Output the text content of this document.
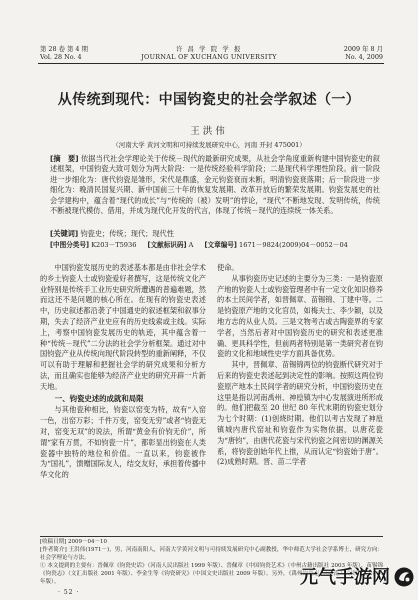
第 28 卷 第 4 期
Vol. 28 No. 4
许 昌 学 院 学 报
JOURNAL OF XUCHANG UNIVERSITY
2009 年 8 月
No. 4, 2009
从传统到现代：中国钧瓷史的社会学叙述（一）
王洪伟
（河南大学 黄河文明和可持续发展研究中心，河南 开封 475001）

[摘　要] 依据当代社会学理论关于传统－现代的最新研究成果，从社会学角度重新构建中国钧瓷史的叙述框架，中国钧瓷大致可划分为两大阶段：一是传统经验科学阶段；二是现代科学理性阶段。前一阶段进一步细化为：唐代钧瓷是雏形，宋代是鼎盛，金元钧瓷衰而未断，明清钧瓷衰落期；后一阶段进一步细化为：晚清民国复兴期、新中国前三十年的恢复发展期、改革开放后的繁荣发展期。钧瓷发展史的社会学建构中，蕴含着“现代的成长”与“传统的（被）发明”的悖论，“现代”不断地发现、发明传统，传统不断被现代模仿、借用，并成为现代化开发的代言，体现了传统－现代的连续统一体关系。

[关键词] 钧瓷史；传统；现代；现代性

[中图分类号] K203－T5936 [文献标识码] A [文章编号] 1671－9824(2009)04－0052－04

中国钧瓷发展历史的表述基本都是由非社会学术的乡土钧瓷人士或钧瓷爱好者撰写，这是传统文化产业特别是传统手工业历史研究所遭遇的普遍难题，然而这还不是问题的核心所在。在现有的钧瓷史表述中，历史叙述都沿袭了中国通史的叙述框架和叙事分期，失去了经济产业史应有的历史线索或主线。实际上，考察中国钧瓷发展历史的轨迹，其中蕴含着一种“传统－现代”二分法的社会学分析框架。通过对中国钧瓷产业从传统向现代阶段转型的重新阐释，不仅可以有助于理解和把握社会学的研究成果和分析方法，而且确实也能够为经济产业史的研究开辟一片新天地。

一、钧瓷史述的成就和局限

与其他瓷种相比，钧瓷以窑变为特，故有“入窑一色，出窑万彩；千件万变，窑变无穷”或者“钧瓷无对，窑变无双”的说法，所谓“黄金有价钧无价”，所谓“家有万贯，不如钧瓷一片”，都彰显出钧瓷在人类瓷器中独特的地位和价值。一直以来，钧瓷被作为“国礼”，馈赠国际友人，结交友好，承担着传播中华文化的

使命。

从事钧瓷历史记述的主要分为三类：一是钧瓷原产地的钧瓷人士或钧瓷管理者中有一定文化知识修养的本土民间学者，如晋佩章、苗锡锦、丁建中等。二是钧瓷原产地的文化官员，如梅夫士、李少颖，以及地方志的从业人员。三是文物考古或古陶瓷界的专家学者，当然后者对中国钧瓷历史的研究和表述更准确、更具科学性，但前两者特别是第一类研究者在钧瓷的文化和地域性史学方面具备优势。

其中，晋佩章、苗锡锦两位的钧瓷断代研究对于后来的钧瓷史表述起到决定性的影响。按照这两位钧瓷原产地本土民间学者的研究分析，中国钧瓷历史在这里是指以河南禹州、神垕镇为中心发展演进所形成的。他们把截至 20 世纪 80 年代末期的钧瓷史划分为七个时期：(1)创烧时期。他们以考古发现了神垕镇城内唐代窑址和钧瓷作为实物依据，以唐花瓷为“唐钧”，由唐代花瓷与宋代钧瓷之间密切的渊源关系，将钧瓷创始年代上推，从而认定“钧瓷始于唐”。(2)成熟时期。晋、苗二学者

[收稿日期] 2009－04－10

[作者简介] 王洪伟(1971－)，男，河南南阳人，河南大学黄河文明与可持续发展研究中心副教授，华中师范大学社会学系博士，研究方向：社会学理论与方法。

① 本文提到的主要有：晋佩章《钧瓷史话》（河南人民出版社 1999 年版）、晋佩章《中国钧瓷艺术》（中州古籍出版社 2003 年版）、苗锡锦《钧瓷志》（文汇出版社 2001 年版）、李金生等《钧瓷研究》（中国文史出版社 2009 年版）。另外，《禹州钧瓷志》（河南人民出版社 2004 年版）。

· 52 ·
元气手游网
